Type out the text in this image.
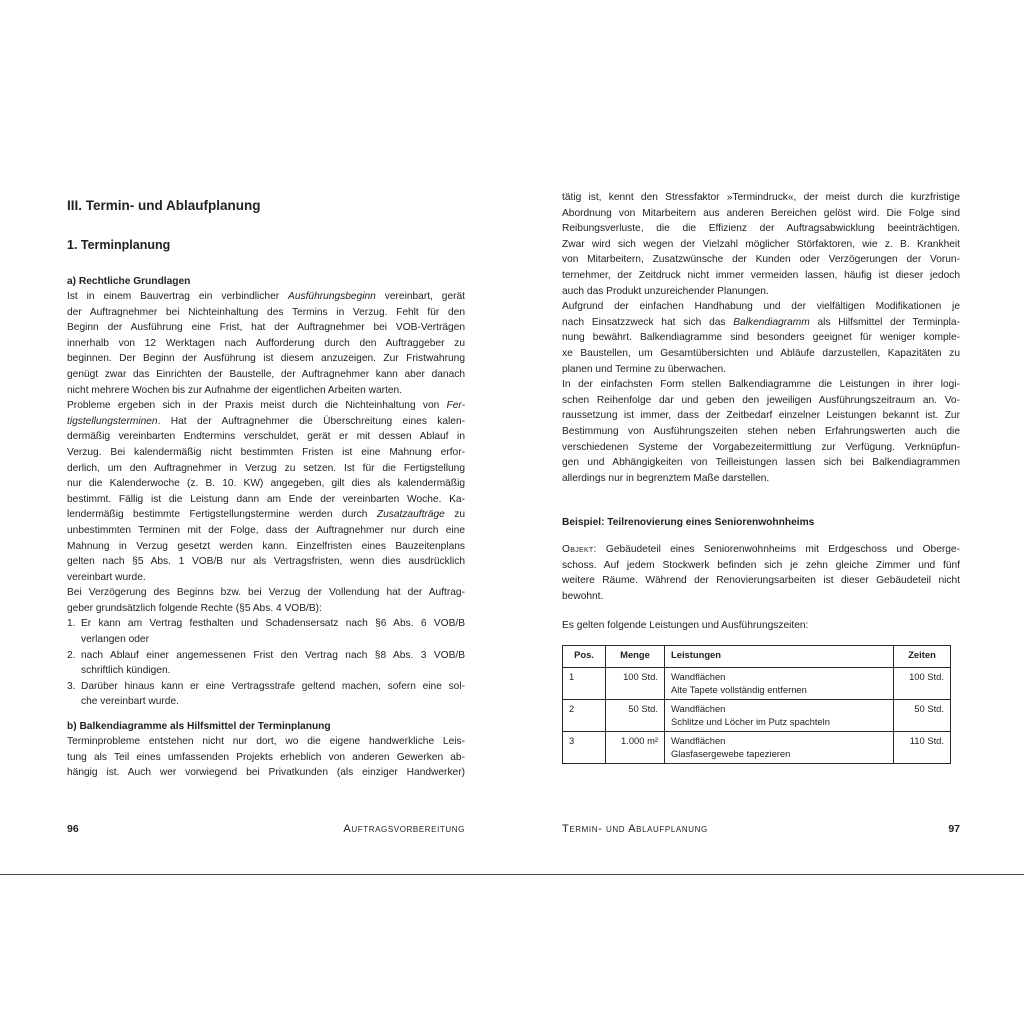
III. Termin- und Ablaufplanung
1. Terminplanung
a) Rechtliche Grundlagen
Ist in einem Bauvertrag ein verbindlicher Ausführungsbeginn vereinbart, gerät
der Auftragnehmer bei Nichteinhaltung des Termins in Verzug. Fehlt für den
Beginn der Ausführung eine Frist, hat der Auftragnehmer bei VOB-Verträgen
innerhalb von 12 Werktagen nach Aufforderung durch den Auftraggeber zu
beginnen. Der Beginn der Ausführung ist diesem anzuzeigen. Zur Fristwahrung
genügt zwar das Einrichten der Baustelle, der Auftragnehmer kann aber danach
nicht mehrere Wochen bis zur Aufnahme der eigentlichen Arbeiten warten.
Probleme ergeben sich in der Praxis meist durch die Nichteinhaltung von Fer-
tigstellungsterminen. Hat der Auftragnehmer die Überschreitung eines kalen-
dermäßig vereinbarten Endtermins verschuldet, gerät er mit dessen Ablauf in
Verzug. Bei kalendermäßig nicht bestimmten Fristen ist eine Mahnung erfor-
derlich, um den Auftragnehmer in Verzug zu setzen. Ist für die Fertigstellung
nur die Kalenderwoche (z. B. 10. KW) angegeben, gilt dies als kalendermäßig
bestimmt. Fällig ist die Leistung dann am Ende der vereinbarten Woche. Ka-
lendermäßig bestimmte Fertigstellungstermine werden durch Zusatzaufträge zu
unbestimmten Terminen mit der Folge, dass der Auftragnehmer nur durch eine
Mahnung in Verzug gesetzt werden kann. Einzelfristen eines Bauzeitenplans
gelten nach §5 Abs. 1 VOB/B nur als Vertragsfristen, wenn dies ausdrücklich
vereinbart wurde.
Bei Verzögerung des Beginns bzw. bei Verzug der Vollendung hat der Auftrag-
geber grundsätzlich folgende Rechte (§5 Abs. 4 VOB/B):
1. Er kann am Vertrag festhalten und Schadensersatz nach §6 Abs. 6 VOB/B
verlangen oder
2. nach Ablauf einer angemessenen Frist den Vertrag nach §8 Abs. 3 VOB/B
schriftlich kündigen.
3. Darüber hinaus kann er eine Vertragsstrafe geltend machen, sofern eine sol-
che vereinbart wurde.
b) Balkendiagramme als Hilfsmittel der Terminplanung
Terminprobleme entstehen nicht nur dort, wo die eigene handwerkliche Leis-
tung als Teil eines umfassenden Projekts erheblich von anderen Gewerken ab-
hängig ist. Auch wer vorwiegend bei Privatkunden (als einziger Handwerker)
96	Auftragsvorbereitung
tätig ist, kennt den Stressfaktor »Termindruck«, der meist durch die kurzfristige
Abordnung von Mitarbeitern aus anderen Bereichen gelöst wird. Die Folge sind
Reibungsverluste, die die Effizienz der Auftragsabwicklung beeinträchtigen.
Zwar wird sich wegen der Vielzahl möglicher Störfaktoren, wie z. B. Krankheit
von Mitarbeitern, Zusatzwünsche der Kunden oder Verzögerungen der Vorun-
ternehmer, der Zeitdruck nicht immer vermeiden lassen, häufig ist dieser jedoch
auch das Produkt unzureichender Planungen.
Aufgrund der einfachen Handhabung und der vielfältigen Modifikationen je
nach Einsatzzweck hat sich das Balkendiagramm als Hilfsmittel der Terminpla-
nung bewährt. Balkendiagramme sind besonders geeignet für weniger komple-
xe Baustellen, um Gesamtübersichten und Abläufe darzustellen, Kapazitäten zu
planen und Termine zu überwachen.
In der einfachsten Form stellen Balkendiagramme die Leistungen in ihrer logi-
schen Reihenfolge dar und geben den jeweiligen Ausführungszeitraum an. Vo-
raussetzung ist immer, dass der Zeitbedarf einzelner Leistungen bekannt ist. Zur
Bestimmung von Ausführungszeiten stehen neben Erfahrungswerten auch die
verschiedenen Systeme der Vorgabezeitermittlung zur Verfügung. Verknüpfun-
gen und Abhängigkeiten von Teilleistungen lassen sich bei Balkendiagrammen
allerdings nur in begrenztem Maße darstellen.
Beispiel: Teilrenovierung eines Seniorenwohnheims
Objekt: Gebäudeteil eines Seniorenwohnheims mit Erdgeschoss und Oberge-
schoss. Auf jedem Stockwerk befinden sich je zehn gleiche Zimmer und fünf
weitere Räume. Während der Renovierungsarbeiten ist dieser Gebäudeteil nicht
bewohnt.
Es gelten folgende Leistungen und Ausführungszeiten:
Pos.	Menge	Leistungen	Zeiten
1	100 Std.	Wandflächen
Alte Tapete vollständig entfernen	100 Std.
2	50 Std.	Wandflächen
Schlitze und Löcher im Putz spachteln	50 Std.
3	1.000 m²	Wandflächen
Glasfasergewebe tapezieren	110 Std.
Termin- und Ablaufplanung	97
